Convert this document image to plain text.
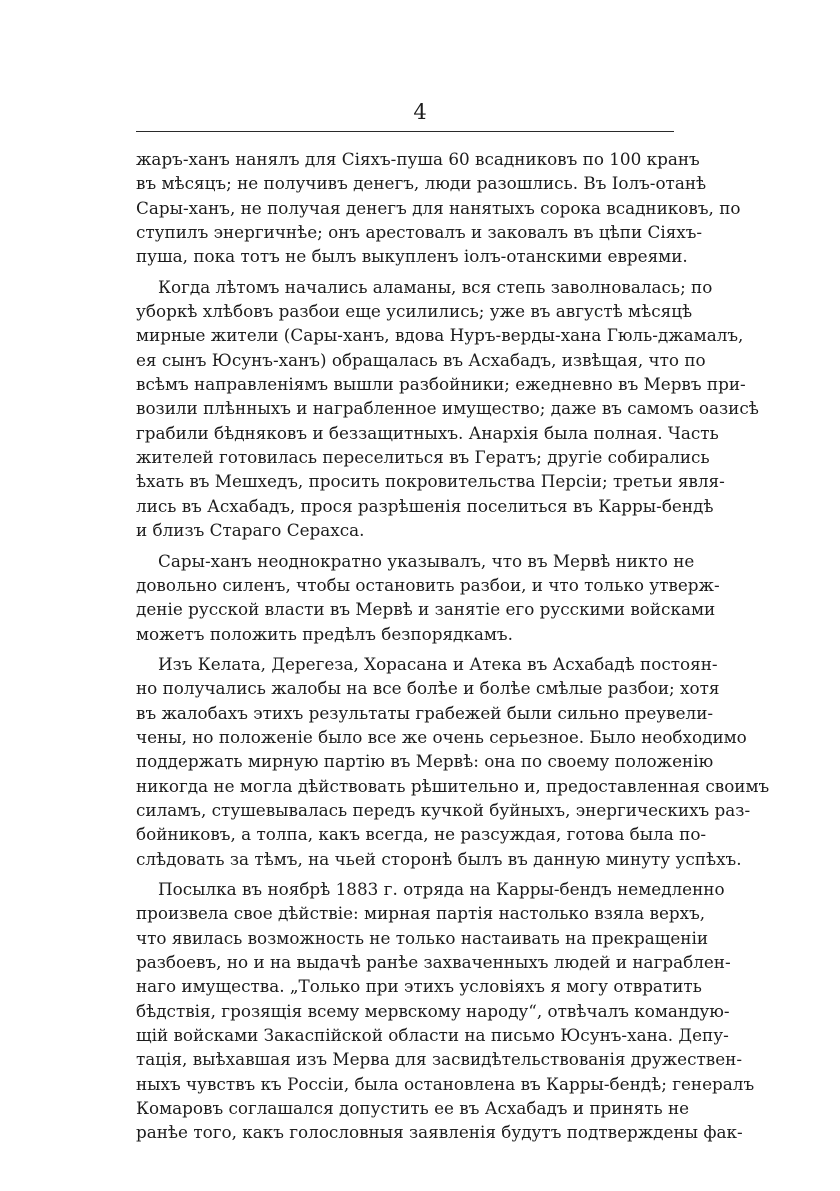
4
жаръ-ханъ нанялъ для Сiяхъ-пуша 60 всадниковъ по 100 кранъ
въ мѣсяцъ; не получивъ денегъ, люди разошлись. Въ Iолъ-отанѣ
Сары-ханъ, не получая денегъ для нанятыхъ сорока всадниковъ, по
ступилъ энергичнѣе; онъ арестовалъ и заковалъ въ цѣпи Сiяхъ-
пуша, пока тотъ не былъ выкупленъ iолъ-отанскими евреями.
Когда лѣтомъ начались аламаны, вся степь заволновалась; по
уборкѣ хлѣбовъ разбои еще усилились; уже въ августѣ мѣсяцѣ
мирные жители (Сары-ханъ, вдова Нуръ-верды-хана Гюль-джамалъ,
ея сынъ Юсунъ-ханъ) обращалась въ Асхабадъ, извѣщая, что по
всѣмъ направленiямъ вышли разбойники; ежедневно въ Мервъ при-
возили плѣнныхъ и награбленное имущество; даже въ самомъ оазисѣ
грабили бѣдняковъ и беззащитныхъ. Анархiя была полная. Часть
жителей готовилась переселиться въ Гератъ; другiе собирались
ѣхать въ Мешхедъ, просить покровительства Персiи; третьи явля-
лись въ Асхабадъ, прося разрѣшенiя поселиться въ Карры-бендѣ
и близъ Стараго Серахса.
Сары-ханъ неоднократно указывалъ, что въ Мервѣ никто не
довольно силенъ, чтобы остановить разбои, и что только утверж-
денiе русской власти въ Мервѣ и занятiе его русскими войсками
можетъ положить предѣлъ безпорядкамъ.
Изъ Келата, Дерегеза, Хорасана и Атека въ Асхабадѣ постоян-
но получались жалобы на все болѣе и болѣе смѣлые разбои; хотя
въ жалобахъ этихъ результаты грабежей были сильно преувели-
чены, но положенiе было все же очень серьезное. Было необходимо
поддержать мирную партiю въ Мервѣ: она по своему положенiю
никогда не могла дѣйствовать рѣшительно и, предоставленная своимъ
силамъ, стушевывалась передъ кучкой буйныхъ, энергическихъ раз-
бойниковъ, а толпа, какъ всегда, не разсуждая, готова была по-
слѣдовать за тѣмъ, на чьей сторонѣ былъ въ данную минуту успѣхъ.
Посылка въ ноябрѣ 1883 г. отряда на Карры-бендъ немедленно
произвела свое дѣйствiе: мирная партiя настолько взяла верхъ,
что явилась возможность не только настаивать на прекращенiи
разбоевъ, но и на выдачѣ ранѣе захваченныхъ людей и награблен-
наго имущества. „Только при этихъ условiяхъ я могу отвратить
бѣдствiя, грозящiя всему мервскому народу“, отвѣчалъ командую-
щiй войсками Закаспiйской области на письмо Юсунъ-хана. Депу-
тацiя, выѣхавшая изъ Мерва для засвидѣтельствованiя дружествен-
ныхъ чувствъ къ Россiи, была остановлена въ Карры-бендѣ; генералъ
Комаровъ соглашался допустить ее въ Асхабадъ и принять не
ранѣе того, какъ голословныя заявленiя будутъ подтверждены фак-
